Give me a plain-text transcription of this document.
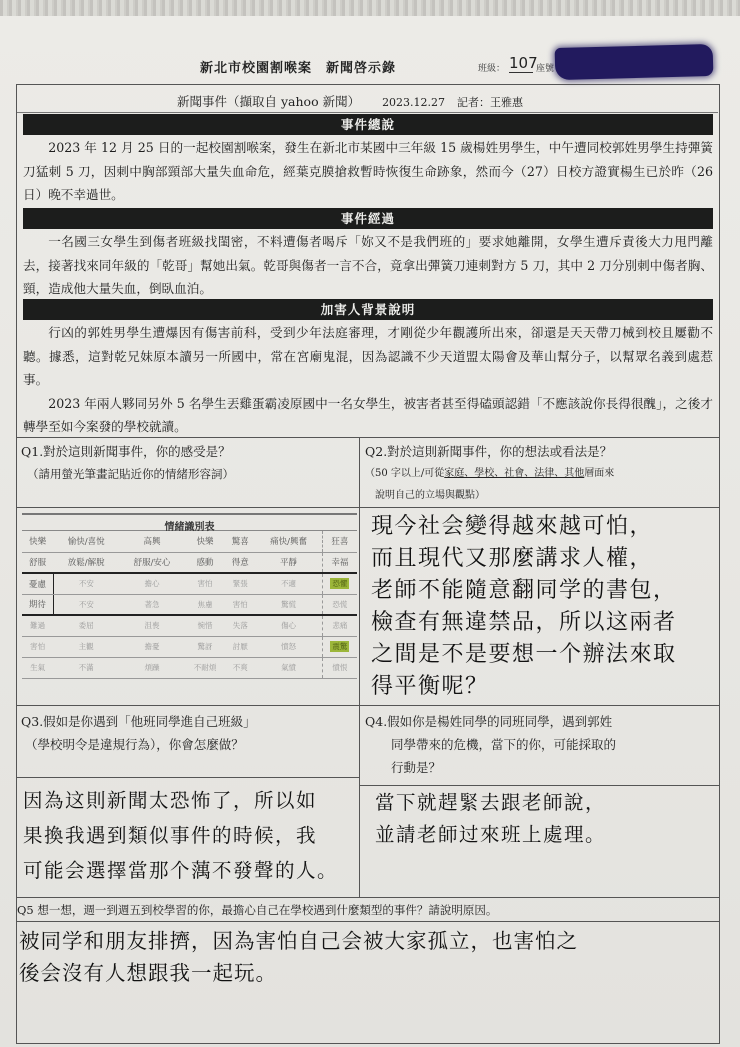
新北市校園割喉案　新聞啓示錄	班級： 107
座號
新聞事件（擷取自 yahoo 新聞） 2023.12.27 記者：王雅惠
事件總說

2023 年 12 月 25 日的一起校園割喉案，發生在新北市某國中三年級 15 歲楊姓男學生，中午遭同校郭姓男學生持彈簧刀猛刺 5 刀，因刺中胸部頸部大量失血命危，經葉克膜搶救暫時恢復生命跡象，然而今（27）日校方證實楊生已於昨（26 日）晚不幸過世。

事件經過

一名國三女學生到傷者班級找閨密，不料遭傷者喝斥「妳又不是我們班的」要求她離開，女學生遭斥責後大力甩門離去，接著找來同年級的「乾哥」幫她出氣。乾哥與傷者一言不合，竟拿出彈簧刀連刺對方 5 刀，其中 2 刀分別刺中傷者胸、頸，造成他大量失血，倒臥血泊。

加害人背景說明

行凶的郭姓男學生遭爆因有傷害前科，受到少年法庭審理，才剛從少年觀護所出來，卻還是天天帶刀械到校且屢勸不聽。據悉，這對乾兄妹原本讀另一所國中，常在宮廟鬼混，因為認識不少天道盟太陽會及華山幫分子，以幫眾名義到處惹事。

2023 年兩人夥同另外 5 名學生丟雞蛋霸凌原國中一名女學生，被害者甚至得磕頭認錯「不應該說你長得很醜」，之後才轉學至如今案發的學校就讀。

Q1.對於這則新聞事件，你的感受是？
（請用螢光筆畫記貼近你的情緒形容詞）
情緒識別表
快樂	愉快/喜悅	高興	快樂	驚喜	痛快/興奮	狂喜
舒服	放鬆/解脫	舒服/安心	感動	得意	平靜	幸福
憂慮	不安	擔心	害怕	緊張	不適	恐懼
期待	不安	著急	焦慮	害怕	驚慌	恐慌
難過	委屈	沮喪	惋惜	失落	傷心	悲痛
害怕	主觀	擔憂	驚訝	討厭	憤怒	震驚
生氣	不滿	煩躁	不耐煩	不爽	氣憤	憤恨
Q2.對於這則新聞事件，你的想法或看法是？
（50 字以上/可從家庭、學校、社會、法律、其他層面來
說明自己的立場與觀點）
現今社会變得越來越可怕，
而且現代又那麼講求人權，
老師不能隨意翻同学的書包，
檢查有無違禁品，所以这兩者
之間是不是要想一个辦法來取
得平衡呢？
Q3.假如是你遇到「他班同學進自己班級」
（學校明令是違規行為），你會怎麼做？
因為这則新聞太恐怖了，所以如
果換我遇到類似事件的時候，我
可能会選擇當那个蕅不發聲的人。
Q4.假如你是楊姓同學的同班同學，遇到郭姓
同學帶來的危機，當下的你，可能採取的
行動是？
當下就趕緊去跟老師說，
並請老師过來班上處理。
Q5 想一想，週一到週五到校學習的你，最擔心自己在學校遇到什麼類型的事件？請說明原因。
被同学和朋友排擠，因為害怕自己会被大家孤立，也害怕之
後会沒有人想跟我一起玩。
